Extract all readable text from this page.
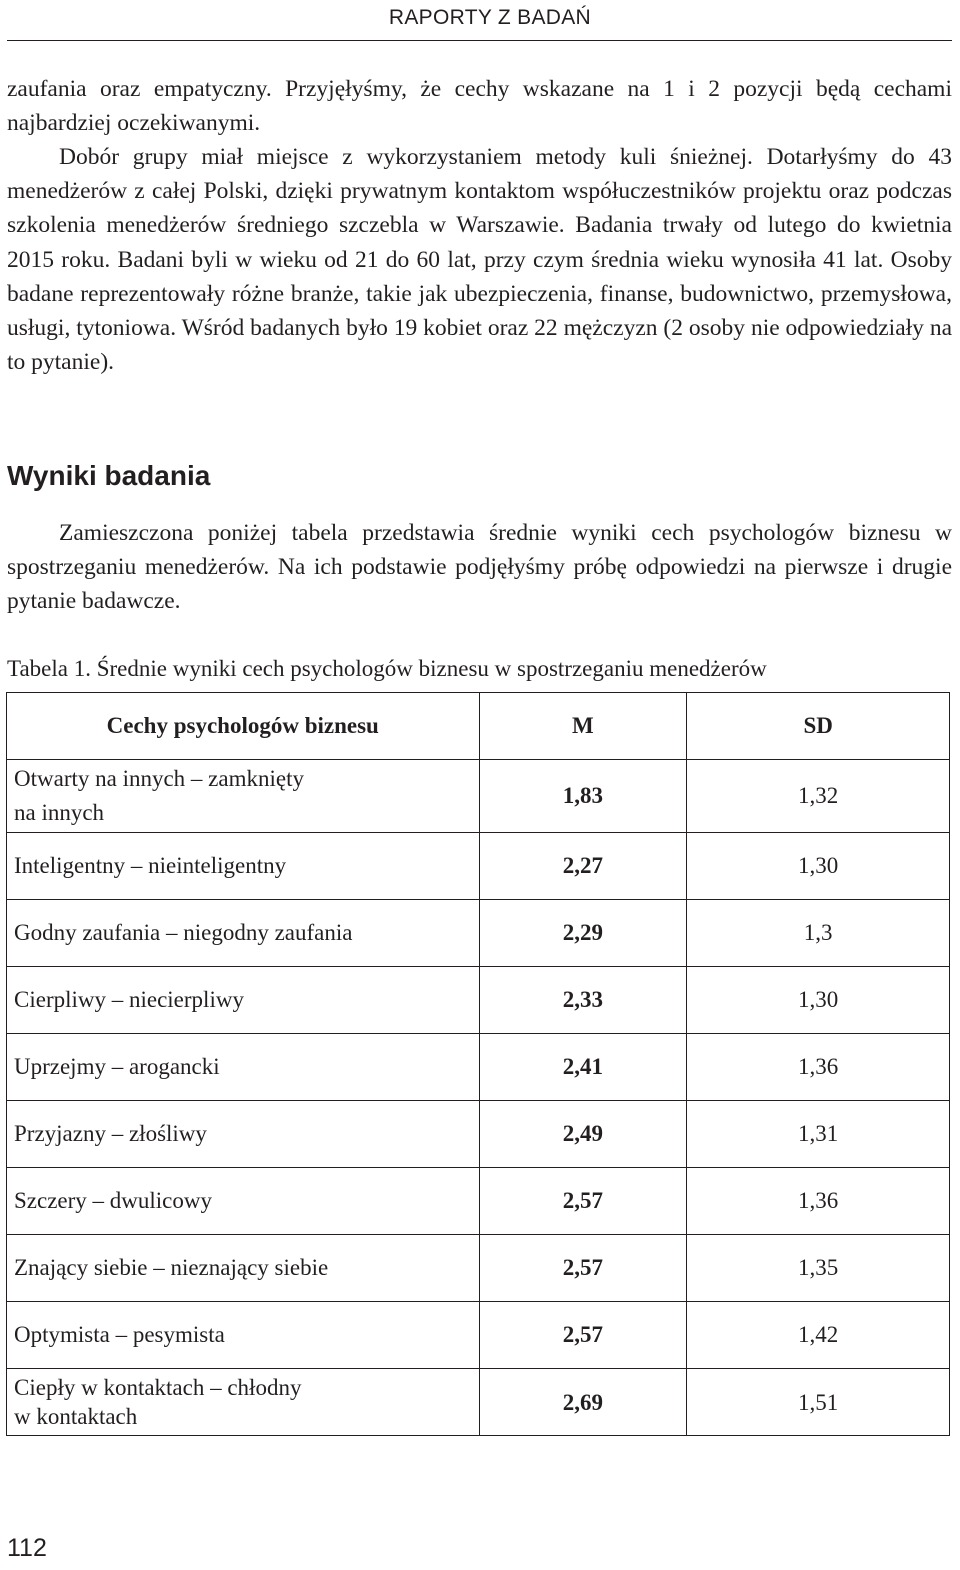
RAPORTY Z BADAŃ

zaufania oraz empatyczny. Przyjęłyśmy, że cechy wskazane na 1 i 2 pozycji będą cechami najbardziej oczekiwanymi.

Dobór grupy miał miejsce z wykorzystaniem metody kuli śnieżnej. Dotarłyśmy do 43 menedżerów z całej Polski, dzięki prywatnym kontaktom współuczestników projektu oraz podczas szkolenia menedżerów średniego szczebla w Warszawie. Badania trwały od lutego do kwietnia 2015 roku. Badani byli w wieku od 21 do 60 lat, przy czym średnia wieku wynosiła 41 lat. Osoby badane reprezentowały różne branże, takie jak ubezpieczenia, finanse, budownictwo, przemysłowa, usługi, tytoniowa. Wśród badanych było 19 kobiet oraz 22 mężczyzn (2 osoby nie odpowiedziały na to pytanie).

Wyniki badania

Zamieszczona poniżej tabela przedstawia średnie wyniki cech psychologów biznesu w spostrzeganiu menedżerów. Na ich podstawie podjęłyśmy próbę odpowiedzi na pierwsze i drugie pytanie badawcze.

Tabela 1. Średnie wyniki cech psychologów biznesu w spostrzeganiu menedżerów

Cechy psychologów biznesu	M	SD
Otwarty na innych – zamknięty
na innych	1,83	1,32
Inteligentny – nieinteligentny	2,27	1,30
Godny zaufania – niegodny zaufania	2,29	1,3
Cierpliwy – niecierpliwy	2,33	1,30
Uprzejmy – arogancki	2,41	1,36
Przyjazny – złośliwy	2,49	1,31
Szczery – dwulicowy	2,57	1,36
Znający siebie – nieznający siebie	2,57	1,35
Optymista – pesymista	2,57	1,42
Ciepły w kontaktach – chłodny
w kontaktach	2,69	1,51

112
